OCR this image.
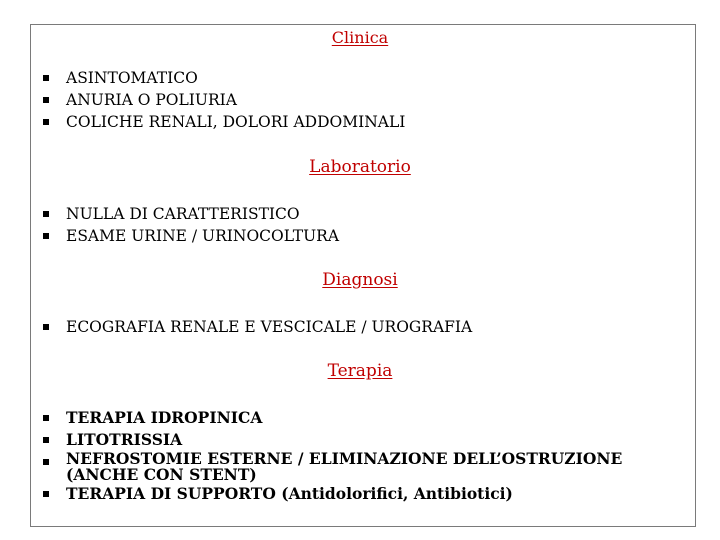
Clinica
ASINTOMATICO
ANURIA O POLIURIA
COLICHE RENALI, DOLORI ADDOMINALI
Laboratorio
NULLA DI CARATTERISTICO
ESAME URINE / URINOCOLTURA
Diagnosi
ECOGRAFIA RENALE E VESCICALE / UROGRAFIA
Terapia
TERAPIA IDROPINICA
LITOTRISSIA
NEFROSTOMIE ESTERNE / ELIMINAZIONE DELL’OSTRUZIONE
(ANCHE CON STENT)
TERAPIA DI SUPPORTO (Antidolorifici, Antibiotici)
